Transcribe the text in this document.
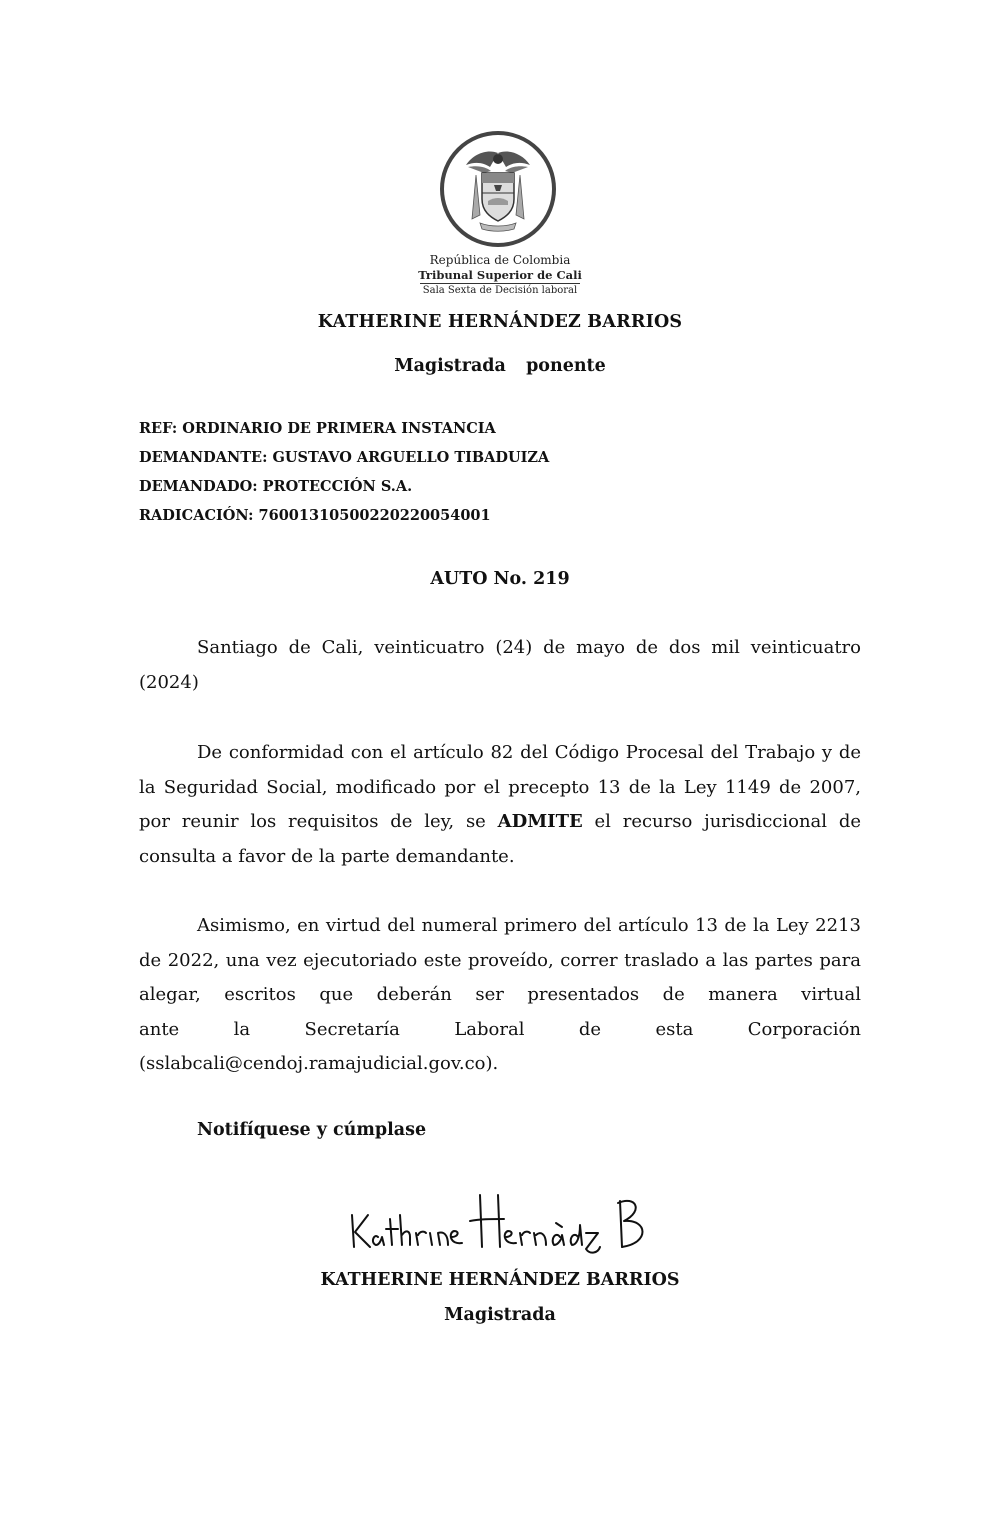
República de Colombia
Tribunal Superior de Cali
Sala Sexta de Decisión laboral
KATHERINE HERNÁNDEZ BARRIOS
Magistrada  ponente
REF: ORDINARIO DE PRIMERA INSTANCIA
DEMANDANTE: GUSTAVO ARGUELLO TIBADUIZA
DEMANDADO: PROTECCIÓN S.A.
RADICACIÓN: 76001310500220220054001
AUTO No. 219
Santiago de Cali, veinticuatro (24) de mayo de dos mil veinticuatro
(2024)

De conformidad con el artículo 82 del Código Procesal del Trabajo y de la Seguridad Social, modificado por el precepto 13 de la Ley 1149 de 2007, por reunir los requisitos de ley, se ADMITE el recurso jurisdiccional de consulta a favor de la parte demandante.

Asimismo, en virtud del numeral primero del artículo 13 de la Ley 2213 de 2022, una vez ejecutoriado este proveído, correr traslado a las partes para alegar, escritos que deberán ser presentados de manera virtual

ante	la	Secretaría	Laboral	de	esta	Corporación
(sslabcali@cendoj.ramajudicial.gov.co).
Notifíquese y cúmplase
KATHERINE HERNÁNDEZ BARRIOS
Magistrada
